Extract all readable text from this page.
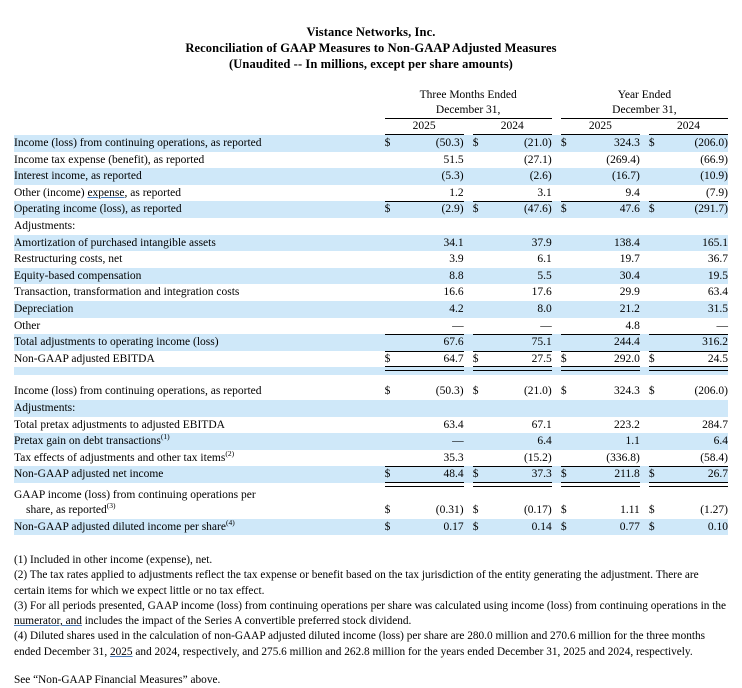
Vistance Networks, Inc.
Reconciliation of GAAP Measures to Non-GAAP Adjusted Measures
(Unaudited -- In millions, except per share amounts)
	Three Months Ended						Year Ended				
	December 31,						December 31,				
	2025			2024			2025			2024	
Income (loss) from continuing operations, as reported	$	(50.3)		$	(21.0)		$	324.3		$	(206.0)
Income tax expense (benefit), as reported		51.5			(27.1)			(269.4)			(66.9)
Interest income, as reported		(5.3)			(2.6)			(16.7)			(10.9)
Other (income) expense, as reported		1.2			3.1			9.4			(7.9)
Operating income (loss), as reported	$	(2.9)		$	(47.6)		$	47.6		$	(291.7)
Adjustments:											
Amortization of purchased intangible assets		34.1			37.9			138.4			165.1
Restructuring costs, net		3.9			6.1			19.7			36.7
Equity-based compensation		8.8			5.5			30.4			19.5
Transaction, transformation and integration costs		16.6			17.6			29.9			63.4
Depreciation		4.2			8.0			21.2			31.5
Other		—			—			4.8			—
Total adjustments to operating income (loss)		67.6			75.1			244.4			316.2
Non-GAAP adjusted EBITDA	$	64.7		$	27.5		$	292.0		$	24.5

Income (loss) from continuing operations, as reported	$	(50.3)		$	(21.0)		$	324.3		$	(206.0)
Adjustments:											
Total pretax adjustments to adjusted EBITDA		63.4			67.1			223.2			284.7
Pretax gain on debt transactions$^{(1)}$		—			6.4			1.1			6.4
Tax effects of adjustments and other tax items$^{(2)}$		35.3			(15.2)			(336.8)			(58.4)
Non-GAAP adjusted net income	$	48.4		$	37.3		$	211.8		$	26.7

GAAP income (loss) from continuing operations per
share, as reported$^{(3)}$	$	(0.31)		$	(0.17)		$	1.11		$	(1.27)
Non-GAAP adjusted diluted income per share$^{(4)}$	$	0.17		$	0.14		$	0.77		$	0.10
(1) Included in other income (expense), net.
(2) The tax rates applied to adjustments reflect the tax expense or benefit based on the tax jurisdiction of the entity generating the adjustment. There are certain items for which we expect little or no tax effect.
(3) For all periods presented, GAAP income (loss) from continuing operations per share was calculated using income (loss) from continuing operations in the numerator, and includes the impact of the Series A convertible preferred stock dividend.
(4) Diluted shares used in the calculation of non-GAAP adjusted diluted income (loss) per share are 280.0 million and 270.6 million for the three months ended December 31, 2025 and 2024, respectively, and 275.6 million and 262.8 million for the years ended December 31, 2025 and 2024, respectively.
See “Non-GAAP Financial Measures” above.
